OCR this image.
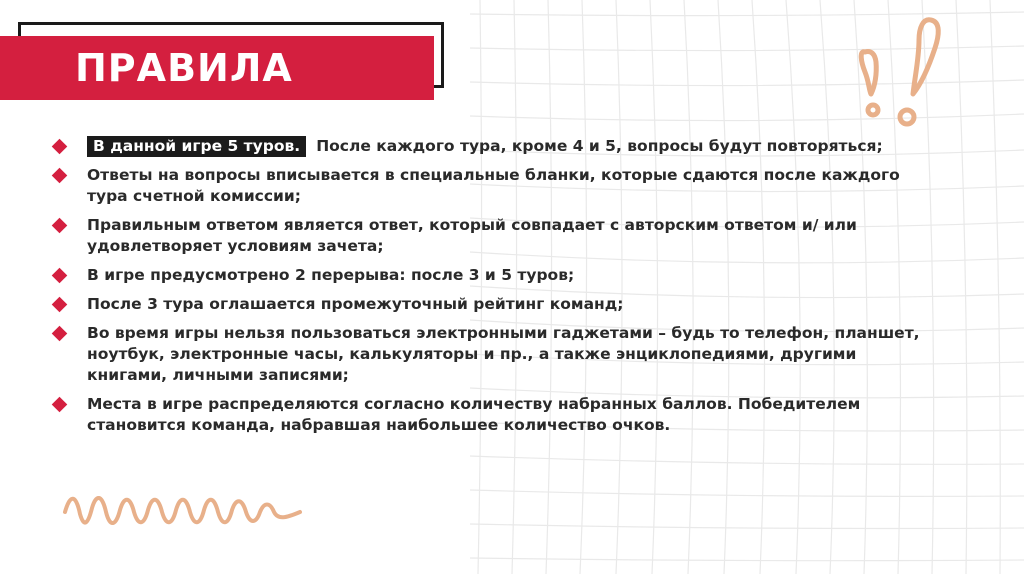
ПРАВИЛА
В данной игре 5 туров. После каждого тура, кроме 4 и 5, вопросы будут повторяться;
Ответы на вопросы вписывается в специальные бланки, которые сдаются после каждого тура счетной комиссии;
Правильным ответом является ответ, который совпадает с авторским ответом и/ или удовлетворяет условиям зачета;
В игре предусмотрено 2 перерыва: после 3 и 5 туров;
После 3 тура оглашается промежуточный рейтинг команд;
Во время игры нельзя пользоваться электронными гаджетами – будь то телефон, планшет, ноутбук, электронные часы, калькуляторы и пр., а также энциклопедиями, другими книгами, личными записями;
Места в игре распределяются согласно количеству набранных баллов. Победителем становится команда, набравшая наибольшее количество очков.
